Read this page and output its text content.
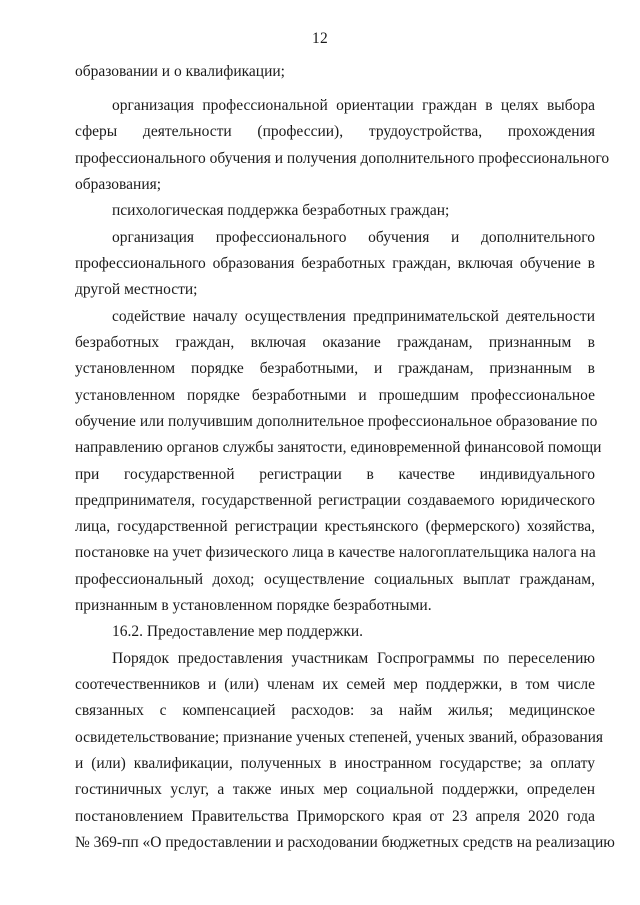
12
образовании и о квалификации;
организация профессиональной ориентации граждан в целях выбора
сферы деятельности (профессии), трудоустройства, прохождения
профессионального обучения и получения дополнительного профессионального
образования;
психологическая поддержка безработных граждан;
организация профессионального обучения и дополнительного
профессионального образования безработных граждан, включая обучение в
другой местности;
содействие началу осуществления предпринимательской деятельности
безработных граждан, включая оказание гражданам, признанным в
установленном порядке безработными, и гражданам, признанным в
установленном порядке безработными и прошедшим профессиональное
обучение или получившим дополнительное профессиональное образование по
направлению органов службы занятости, единовременной финансовой помощи
при государственной регистрации в качестве индивидуального
предпринимателя, государственной регистрации создаваемого юридического
лица, государственной регистрации крестьянского (фермерского) хозяйства,
постановке на учет физического лица в качестве налогоплательщика налога на
профессиональный доход; осуществление социальных выплат гражданам,
признанным в установленном порядке безработными.
16.2. Предоставление мер поддержки.
Порядок предоставления участникам Госпрограммы по переселению
соотечественников и (или) членам их семей мер поддержки, в том числе
связанных с компенсацией расходов: за найм жилья; медицинское
освидетельствование; признание ученых степеней, ученых званий, образования
и (или) квалификации, полученных в иностранном государстве; за оплату
гостиничных услуг, а также иных мер социальной поддержки, определен
постановлением Правительства Приморского края от 23 апреля 2020 года
№ 369-пп «О предоставлении и расходовании бюджетных средств на реализацию
